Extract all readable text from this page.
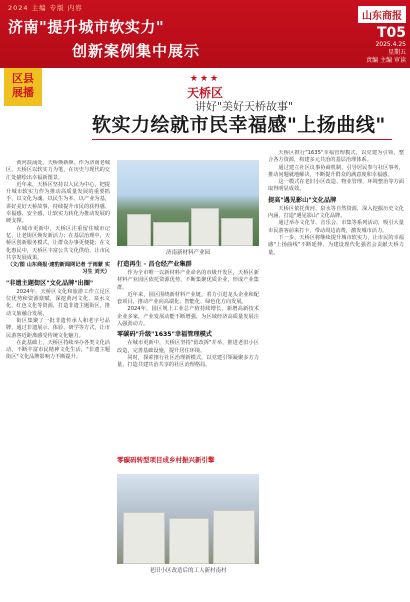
2024 主编 专版 内容
济南"提升城市软实力"
创新案例集中展示
山东商报
T05
2025.4.25
星期五
责编 主编 审读
区县
展播
★★★
天桥区
讲好"美好天桥故事"
软实力绘就市民幸福感"上扬曲线"

黄河浪涌处，天桥焕新颜。作为济南老城区，天桥区以软实力为笔，在历史与现代的交汇处描绘出幸福新图景。

近年来，天桥区坚持以人民为中心，把提升城市软实力作为推动高质量发展的重要抓手，以文化为魂、以民生为本、以产业为基，讲好美好天桥故事，持续提升市民的获得感、幸福感、安全感，让软实力转化为推动发展的硬支撑。

在城市更新中，天桥区注重留住城市记忆，让老街区焕发新活力；在基层治理中，天桥区创新服务模式，让群众办事更便捷；在文化惠民中，天桥区丰富公共文化供给，让市民共享发展成果。

（文/图 山东商报·速豹新闻网记者 于雨蒙 实习生 刘天）

"非遗主题街区"文化品牌"出圈"

2024年，天桥区文化和旅游工作立足区位优势和资源禀赋，深挖黄河文化、泉水文化、红色文化等资源，打造非遗主题街区，推动文旅融合发展。

街区集聚了一批非遗传承人和老字号品牌，通过非遗展示、体验、研学等方式，让市民游客近距离感受传统文化魅力。

在此基础上，天桥区持续举办各类文化活动，不断丰富市民精神文化生活，"非遗主题街区"文化品牌影响力不断提升。

济南新材料产业园

打造再生 · 昌仓经产业集群

作为全市唯一以新材料产业命名的市级开发区，天桥区新材料产业园区依托资源优势，不断集聚优质企业，形成产业集群。

近年来，园区围绕新材料产业链，着力引进龙头企业和配套项目，推动产业向高端化、智能化、绿色化方向发展。

2024年，园区规上工业总产值持续增长，新增高新技术企业多家，产业发展动能不断增强，为区域经济高质量发展注入强劲动力。

零碳码"升级"1635"幸福管理模式

在城市更新中，天桥区坚持"留改拆"并举，推进老旧小区改造，完善基础设施，提升居住环境。

同时，探索推行社区治理新模式，以党建引领凝聚多方力量，打造共建共治共享的社区治理格局。

零碳码转型项目成乡村振兴新引擎
老旧小区改造后的工人新村南村

天桥区推行"1635"幸福管理模式，以党建为引领，整合各方资源，构建多元共治的基层治理体系。

通过建立社区议事协商机制，引导居民参与社区事务，推动问题就地解决，不断提升群众的满意度和幸福感。

这一模式在老旧小区改造、物业管理、环境整治等方面取得明显成效。

提高"遇见影山"文化品牌

天桥区依托黄河、泉水等自然资源，深入挖掘历史文化内涵，打造"遇见影山"文化品牌。

通过举办文化节、音乐会、市集等系列活动，吸引大量市民游客前来打卡，带动周边消费，激发城市活力。

下一步，天桥区将继续提升城市软实力，让市民的幸福感"上扬曲线"不断延伸，为建设现代化强省会贡献天桥力量。
